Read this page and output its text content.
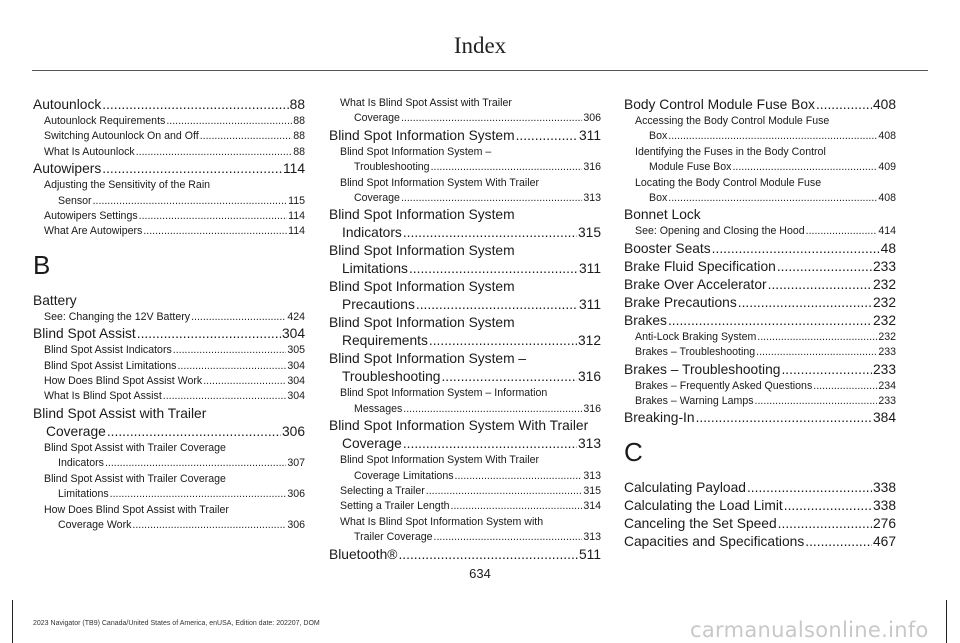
Index
Autounlock .....	88
Autounlock Requirements .....	88
Switching Autounlock On and Off .....	88
What Is Autounlock .....	88
Autowipers .....	114
Adjusting the Sensitivity of the Rain
Sensor .....	115
Autowipers Settings .....	114
What Are Autowipers .....	114
B
Battery
See: Changing the 12V Battery .....	424
Blind Spot Assist .....	304
Blind Spot Assist Indicators .....	305
Blind Spot Assist Limitations .....	304
How Does Blind Spot Assist Work .....	304
What Is Blind Spot Assist .....	304
Blind Spot Assist with Trailer
Coverage .....	306
Blind Spot Assist with Trailer Coverage
Indicators .....	307
Blind Spot Assist with Trailer Coverage
Limitations .....	306
How Does Blind Spot Assist with Trailer
Coverage Work .....	306
What Is Blind Spot Assist with Trailer
Coverage .....	306
Blind Spot Information System .....	311
Blind Spot Information System –
Troubleshooting .....	316
Blind Spot Information System With Trailer
Coverage .....	313
Blind Spot Information System
Indicators .....	315
Blind Spot Information System
Limitations .....	311
Blind Spot Information System
Precautions .....	311
Blind Spot Information System
Requirements .....	312
Blind Spot Information System –
Troubleshooting .....	316
Blind Spot Information System – Information
Messages .....	316
Blind Spot Information System With Trailer
Coverage .....	313
Blind Spot Information System With Trailer
Coverage Limitations .....	313
Selecting a Trailer .....	315
Setting a Trailer Length .....	314
What Is Blind Spot Information System with
Trailer Coverage .....	313
Bluetooth® .....	511
Body Control Module Fuse Box .....	408
Accessing the Body Control Module Fuse
Box .....	408
Identifying the Fuses in the Body Control
Module Fuse Box .....	409
Locating the Body Control Module Fuse
Box .....	408
Bonnet Lock
See: Opening and Closing the Hood .....	414
Booster Seats .....	48
Brake Fluid Specification .....	233
Brake Over Accelerator .....	232
Brake Precautions .....	232
Brakes .....	232
Anti-Lock Braking System .....	232
Brakes – Troubleshooting .....	233
Brakes – Troubleshooting .....	233
Brakes – Frequently Asked Questions .....	234
Brakes – Warning Lamps .....	233
Breaking-In .....	384
C
Calculating Payload .....	338
Calculating the Load Limit .....	338
Canceling the Set Speed .....	276
Capacities and Specifications .....	467
634
2023 Navigator (TB9) Canada/United States of America, enUSA, Edition date: 202207, DOM	carmanualsonline.info
